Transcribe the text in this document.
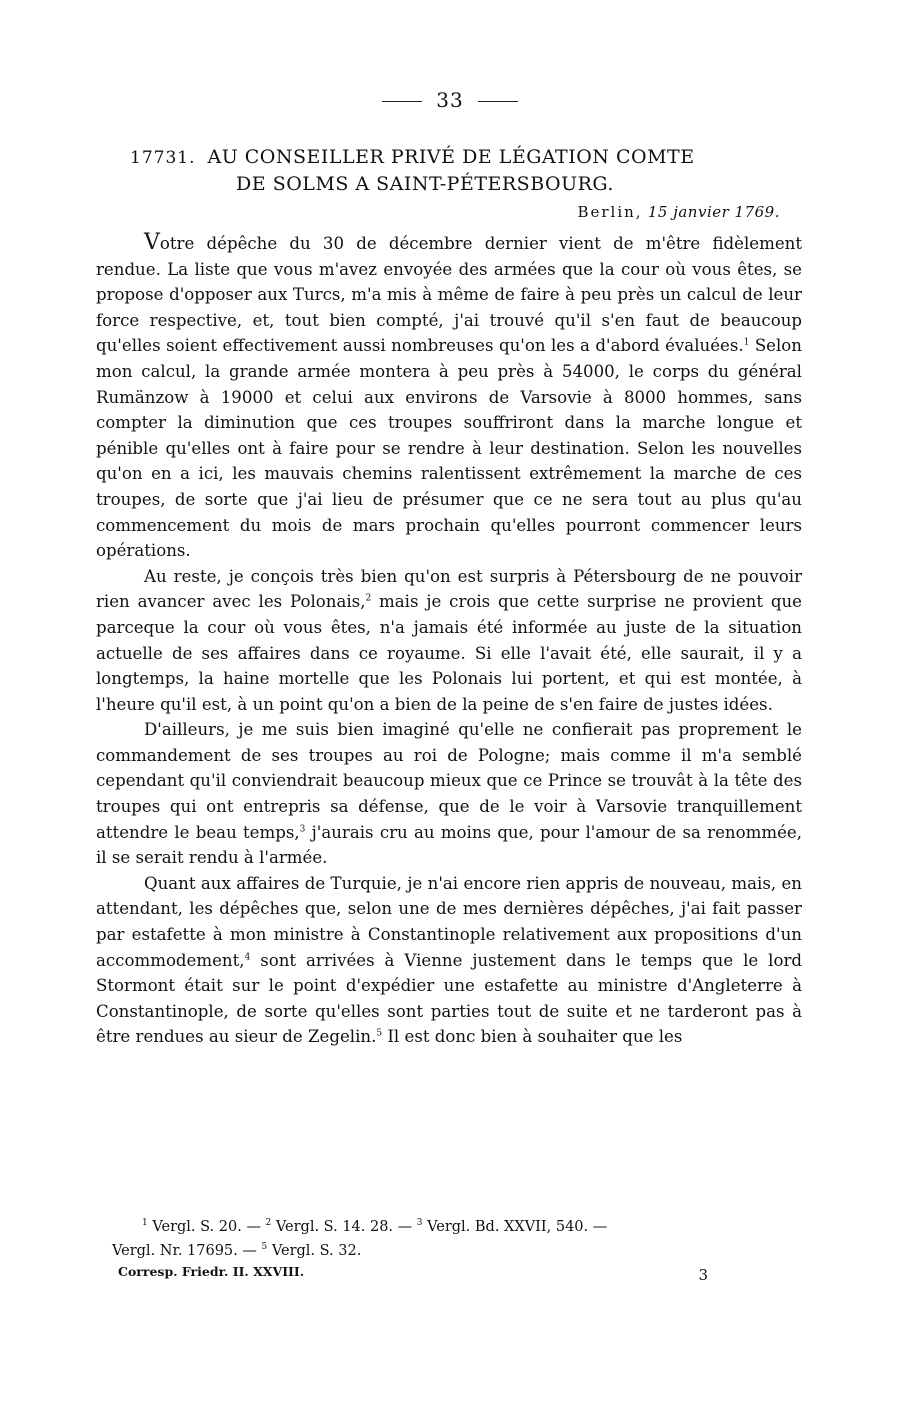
33
17731. AU CONSEILLER PRIVÉ DE LÉGATION COMTE
DE SOLMS A SAINT-PÉTERSBOURG.
Berlin, 15 janvier 1769.

Votre dépêche du 30 de décembre dernier vient de m'être fidèlement rendue. La liste que vous m'avez envoyée des armées que la cour où vous êtes, se propose d'opposer aux Turcs, m'a mis à même de faire à peu près un calcul de leur force respective, et, tout bien compté, j'ai trouvé qu'il s'en faut de beaucoup qu'elles soient effectivement aussi nombreuses qu'on les a d'abord évaluées.$^1$ Selon mon calcul, la grande armée montera à peu près à 54000, le corps du général Rumänzow à 19000 et celui aux environs de Varsovie à 8000 hommes, sans compter la diminution que ces troupes souffriront dans la marche longue et pénible qu'elles ont à faire pour se rendre à leur destination. Selon les nouvelles qu'on en a ici, les mauvais chemins ralentissent extrêmement la marche de ces troupes, de sorte que j'ai lieu de présumer que ce ne sera tout au plus qu'au commencement du mois de mars prochain qu'elles pourront commencer leurs opérations.

Au reste, je conçois très bien qu'on est surpris à Pétersbourg de ne pouvoir rien avancer avec les Polonais,$^2$ mais je crois que cette surprise ne provient que parceque la cour où vous êtes, n'a jamais été informée au juste de la situation actuelle de ses affaires dans ce royaume. Si elle l'avait été, elle saurait, il y a longtemps, la haine mortelle que les Polonais lui portent, et qui est montée, à l'heure qu'il est, à un point qu'on a bien de la peine de s'en faire de justes idées.

D'ailleurs, je me suis bien imaginé qu'elle ne confierait pas proprement le commandement de ses troupes au roi de Pologne; mais comme il m'a semblé cependant qu'il conviendrait beaucoup mieux que ce Prince se trouvât à la tête des troupes qui ont entrepris sa défense, que de le voir à Varsovie tranquillement attendre le beau temps,$^3$ j'aurais cru au moins que, pour l'amour de sa renommée, il se serait rendu à l'armée.

Quant aux affaires de Turquie, je n'ai encore rien appris de nouveau, mais, en attendant, les dépêches que, selon une de mes dernières dépêches, j'ai fait passer par estafette à mon ministre à Constantinople relativement aux propositions d'un accommodement,$^4$ sont arrivées à Vienne justement dans le temps que le lord Stormont était sur le point d'expédier une estafette au ministre d'Angleterre à Constantinople, de sorte qu'elles sont parties tout de suite et ne tarderont pas à être rendues au sieur de Zegelin.$^5$ Il est donc bien à souhaiter que les

$^1$ Vergl. S. 20. — $^2$ Vergl. S. 14. 28. — $^3$ Vergl. Bd. XXVII, 540. —
Vergl. Nr. 17695. — $^5$ Vergl. S. 32.
Corresp. Friedr. II. XXVIII.	3
